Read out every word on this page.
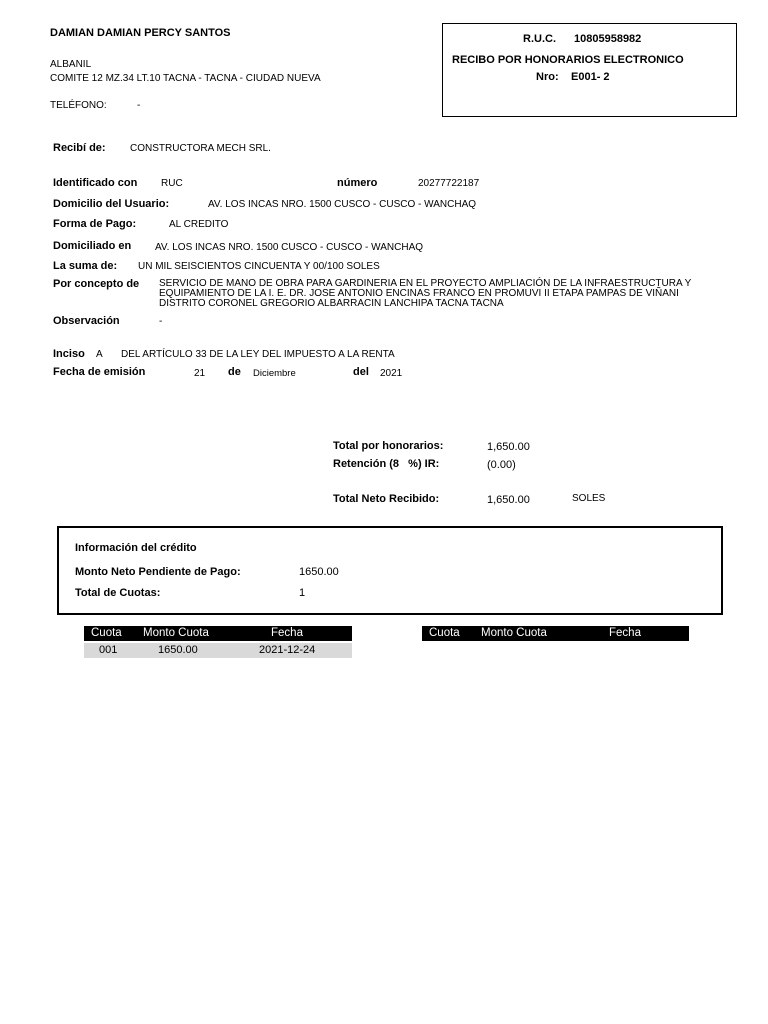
DAMIAN DAMIAN PERCY SANTOS
ALBANIL
COMITE 12 MZ.34 LT.10 TACNA - TACNA - CIUDAD NUEVA
TELÉFONO:	-
R.U.C. 10805958982
RECIBO POR HONORARIOS ELECTRONICO
Nro: E001- 2
Recibí de: CONSTRUCTORA MECH SRL.
Identificado con RUC	número	20277722187
Domicilio del Usuario:	AV. LOS INCAS NRO. 1500 CUSCO - CUSCO - WANCHAQ
Forma de Pago:	AL CREDITO
Domiciliado en AV. LOS INCAS NRO. 1500 CUSCO - CUSCO - WANCHAQ
La suma de: UN MIL SEISCIENTOS CINCUENTA Y 00/100 SOLES
Por concepto de SERVICIO DE MANO DE OBRA PARA GARDINERIA EN EL PROYECTO AMPLIACIÓN DE LA INFRAESTRUCTURA Y
EQUIPAMIENTO DE LA I. E. DR. JOSE ANTONIO ENCINAS FRANCO EN PROMUVI II ETAPA PAMPAS DE VIÑANI
DISTRITO CORONEL GREGORIO ALBARRACIN LANCHIPA TACNA TACNA
Observación	-
Inciso A DEL ARTÍCULO 33 DE LA LEY DEL IMPUESTO A LA RENTA
Fecha de emisión	21 de Diciembre	del 2021
Total por honorarios:	1,650.00
Retención (8   %) IR:	(0.00)
Total Neto Recibido:	1,650.00	SOLES
Información del crédito
Monto Neto Pendiente de Pago:	1650.00
Total de Cuotas:	1
Cuota Monto Cuota	Fecha
001	1650.00	2021-12-24
Cuota Monto Cuota	Fecha
